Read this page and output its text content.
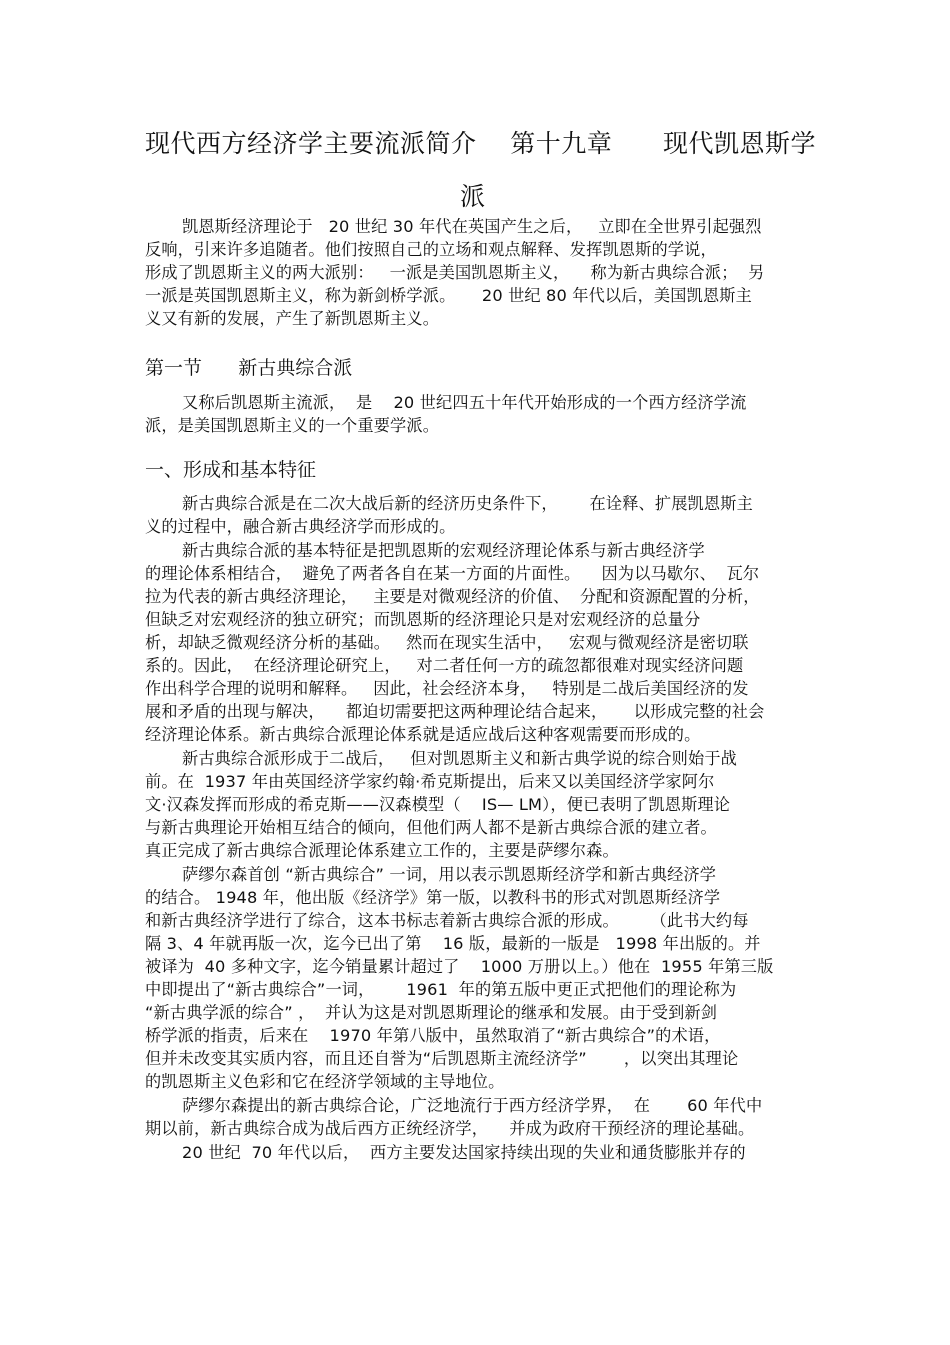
现代西方经济学主要流派简介    第十九章      现代凯恩斯学
派
凯恩斯经济理论于   20 世纪 30 年代在英国产生之后，   立即在全世界引起强烈
反响，引来许多追随者。他们按照自己的立场和观点解释、发挥凯恩斯的学说，
形成了凯恩斯主义的两大派别：   一派是美国凯恩斯主义，    称为新古典综合派；  另
一派是英国凯恩斯主义，称为新剑桥学派。     20 世纪 80 年代以后，美国凯恩斯主
义又有新的发展，产生了新凯恩斯主义。
第一节      新古典综合派
又称后凯恩斯主流派，  是    20 世纪四五十年代开始形成的一个西方经济学流
派，是美国凯恩斯主义的一个重要学派。
一、形成和基本特征
新古典综合派是在二次大战后新的经济历史条件下，      在诠释、扩展凯恩斯主
义的过程中，融合新古典经济学而形成的。
新古典综合派的基本特征是把凯恩斯的宏观经济理论体系与新古典经济学
的理论体系相结合，  避免了两者各自在某一方面的片面性。    因为以马歇尔、  瓦尔
拉为代表的新古典经济理论，   主要是对微观经济的价值、  分配和资源配置的分析，
但缺乏对宏观经济的独立研究；而凯恩斯的经济理论只是对宏观经济的总量分
析，却缺乏微观经济分析的基础。   然而在现实生活中，   宏观与微观经济是密切联
系的。因此，  在经济理论研究上，   对二者任何一方的疏忽都很难对现实经济问题
作出科学合理的说明和解释。   因此，社会经济本身，   特别是二战后美国经济的发
展和矛盾的出现与解决，    都迫切需要把这两种理论结合起来，     以形成完整的社会
经济理论体系。新古典综合派理论体系就是适应战后这种客观需要而形成的。
新古典综合派形成于二战后，   但对凯恩斯主义和新古典学说的综合则始于战
前。在  1937 年由英国经济学家约翰·希克斯提出，后来又以美国经济学家阿尔
文·汉森发挥而形成的希克斯——汉森模型（    IS— LM），便已表明了凯恩斯理论
与新古典理论开始相互结合的倾向，但他们两人都不是新古典综合派的建立者。
真正完成了新古典综合派理论体系建立工作的，主要是萨缪尔森。
萨缪尔森首创 “新古典综合” 一词，用以表示凯恩斯经济学和新古典经济学
的结合。 1948 年，他出版《经济学》第一版，以教科书的形式对凯恩斯经济学
和新古典经济学进行了综合，这本书标志着新古典综合派的形成。      （此书大约每
隔 3、4 年就再版一次，迄今已出了第    16 版，最新的一版是   1998 年出版的。并
被译为  40 多种文字，迄今销量累计超过了    1000 万册以上。）他在  1955 年第三版
中即提出了“新古典综合”一词，      1961  年的第五版中更正式把他们的理论称为
“新古典学派的综合” ，  并认为这是对凯恩斯理论的继承和发展。由于受到新剑
桥学派的指责，后来在    1970 年第八版中，虽然取消了“新古典综合”的术语，
但并未改变其实质内容，而且还自誉为“后凯恩斯主流经济学”       ，以突出其理论
的凯恩斯主义色彩和它在经济学领域的主导地位。
萨缪尔森提出的新古典综合论，广泛地流行于西方经济学界，  在       60 年代中
期以前，新古典综合成为战后西方正统经济学，    并成为政府干预经济的理论基础。
20 世纪  70 年代以后，  西方主要发达国家持续出现的失业和通货膨胀并存的
